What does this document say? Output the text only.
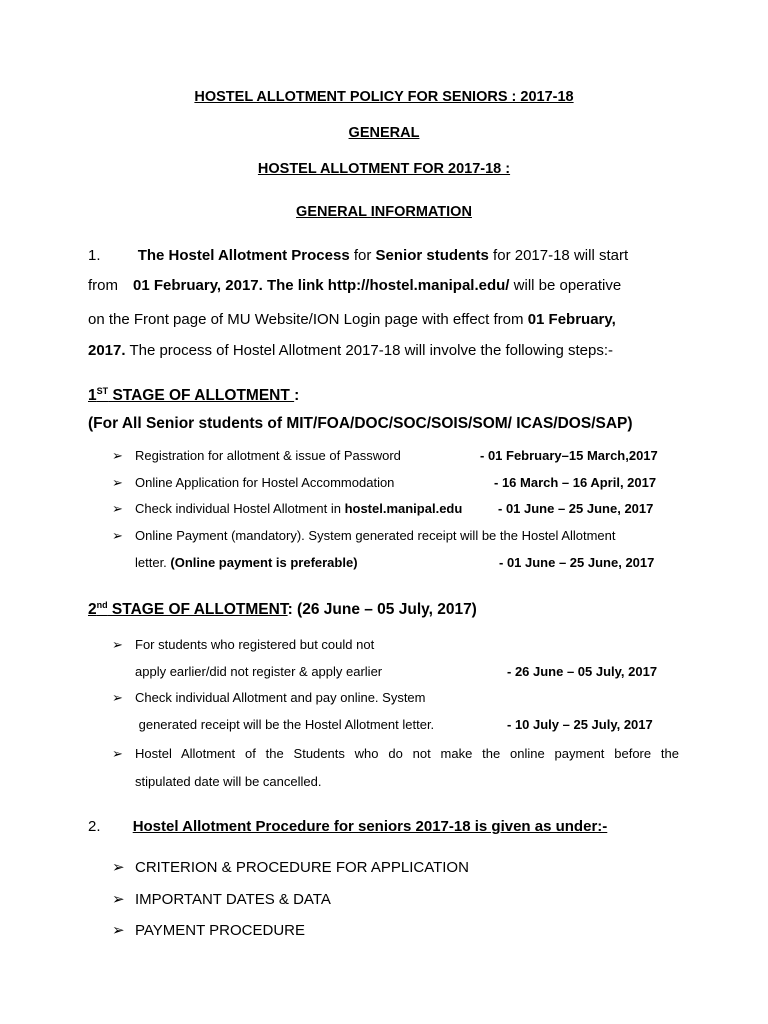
HOSTEL ALLOTMENT POLICY FOR SENIORS : 2017-18
GENERAL
HOSTEL ALLOTMENT FOR 2017-18 :
GENERAL INFORMATION
1. The Hostel Allotment Process for Senior students for 2017-18 will start
from 01 February, 2017. The link http://hostel.manipal.edu/ will be operative
on the Front page of MU Website/ION Login page with effect from 01 February,
2017. The process of Hostel Allotment 2017-18 will involve the following steps:-
1ST STAGE OF ALLOTMENT :
(For All Senior students of MIT/FOA/DOC/SOC/SOIS/SOM/ ICAS/DOS/SAP)
➢ Registration for allotment & issue of Password	- 01 February–15 March,2017
➢ Online Application for Hostel Accommodation	- 16 March – 16 April, 2017
➢ Check individual Hostel Allotment in hostel.manipal.edu	- 01 June – 25 June, 2017
➢ Online Payment (mandatory). System generated receipt will be the Hostel Allotment
letter. (Online payment is preferable)	- 01 June – 25 June, 2017
2nd STAGE OF ALLOTMENT: (26 June – 05 July, 2017)
➢ For students who registered but could not
apply earlier/did not register & apply earlier	- 26 June – 05 July, 2017
➢ Check individual Allotment and pay online. System
generated receipt will be the Hostel Allotment letter.	- 10 July – 25 July, 2017
➢ Hostel Allotment of the Students who do not make the online payment before the
stipulated date will be cancelled.
2. Hostel Allotment Procedure for seniors 2017-18 is given as under:-
➢ CRITERION & PROCEDURE FOR APPLICATION
➢ IMPORTANT DATES & DATA
➢ PAYMENT PROCEDURE
